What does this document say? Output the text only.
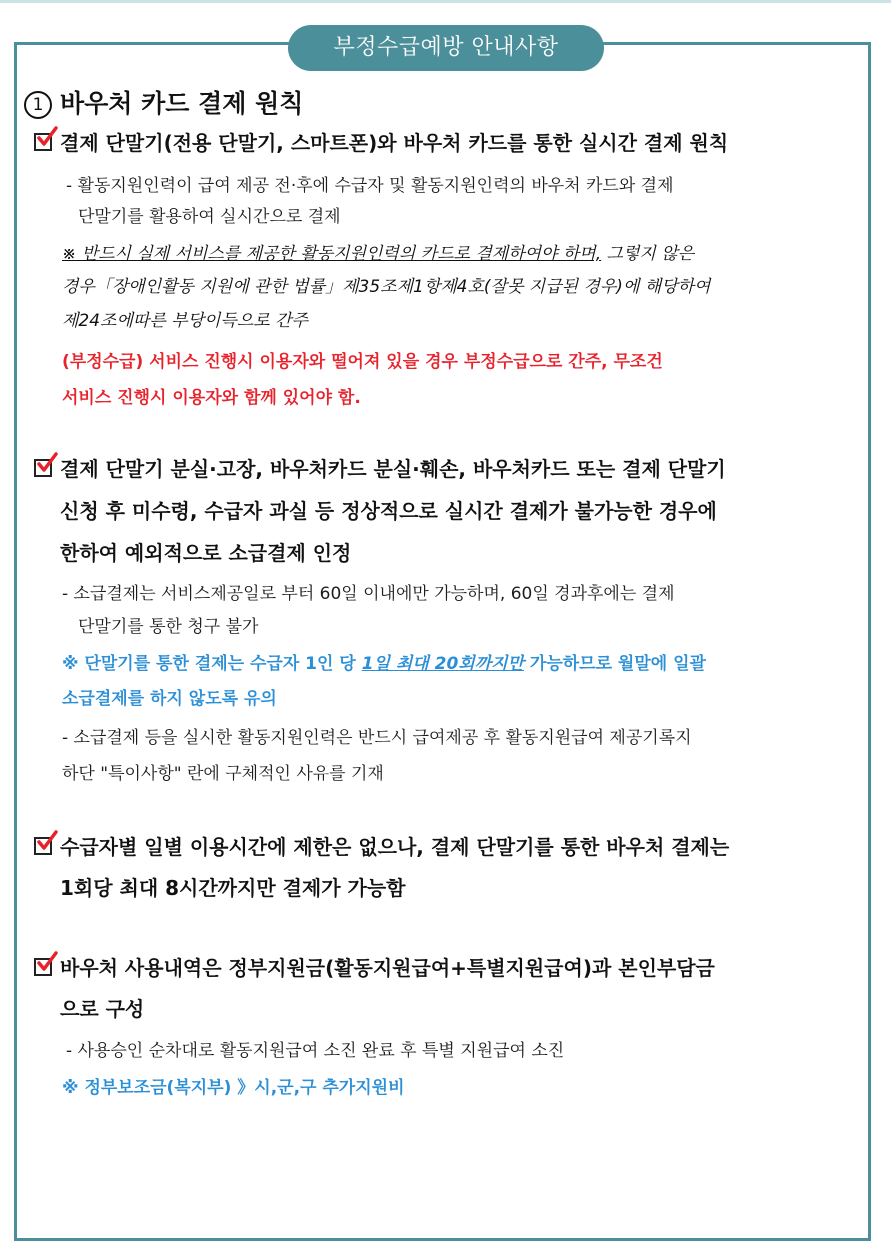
부정수급예방 안내사항
1 바우처 카드 결제 원칙
결제 단말기(전용 단말기, 스마트폰)와 바우처 카드를 통한 실시간 결제 원칙
- 활동지원인력이 급여 제공 전·후에 수급자 및 활동지원인력의 바우처 카드와 결제
단말기를 활용하여 실시간으로 결제
※ 반드시 실제 서비스를 제공한 활동지원인력의 카드로 결제하여야 하며, 그렇지 않은
경우「장애인활동 지원에 관한 법률」제35조제1항제4호(잘못 지급된 경우)에 해당하여
제24조에따른 부당이득으로 간주
(부정수급) 서비스 진행시 이용자와 떨어져 있을 경우 부정수급으로 간주, 무조건
서비스 진행시 이용자와 함께 있어야 함.
결제 단말기 분실·고장, 바우처카드 분실·훼손, 바우처카드 또는 결제 단말기
신청 후 미수령, 수급자 과실 등 정상적으로 실시간 결제가 불가능한 경우에
한하여 예외적으로 소급결제 인정
- 소급결제는 서비스제공일로 부터 60일 이내에만 가능하며, 60일 경과후에는 결제
단말기를 통한 청구 불가
※ 단말기를 통한 결제는 수급자 1인 당 1일 최대 20회까지만 가능하므로 월말에 일괄
소급결제를 하지 않도록 유의
- 소급결제 등을 실시한 활동지원인력은 반드시 급여제공 후 활동지원급여 제공기록지
하단 "특이사항" 란에 구체적인 사유를 기재
수급자별 일별 이용시간에 제한은 없으나, 결제 단말기를 통한 바우처 결제는
1회당 최대 8시간까지만 결제가 가능함
바우처 사용내역은 정부지원금(활동지원급여+특별지원급여)과 본인부담금
으로 구성
- 사용승인 순차대로 활동지원급여 소진 완료 후 특별 지원급여 소진
※ 정부보조금(복지부) 》시,군,구 추가지원비
